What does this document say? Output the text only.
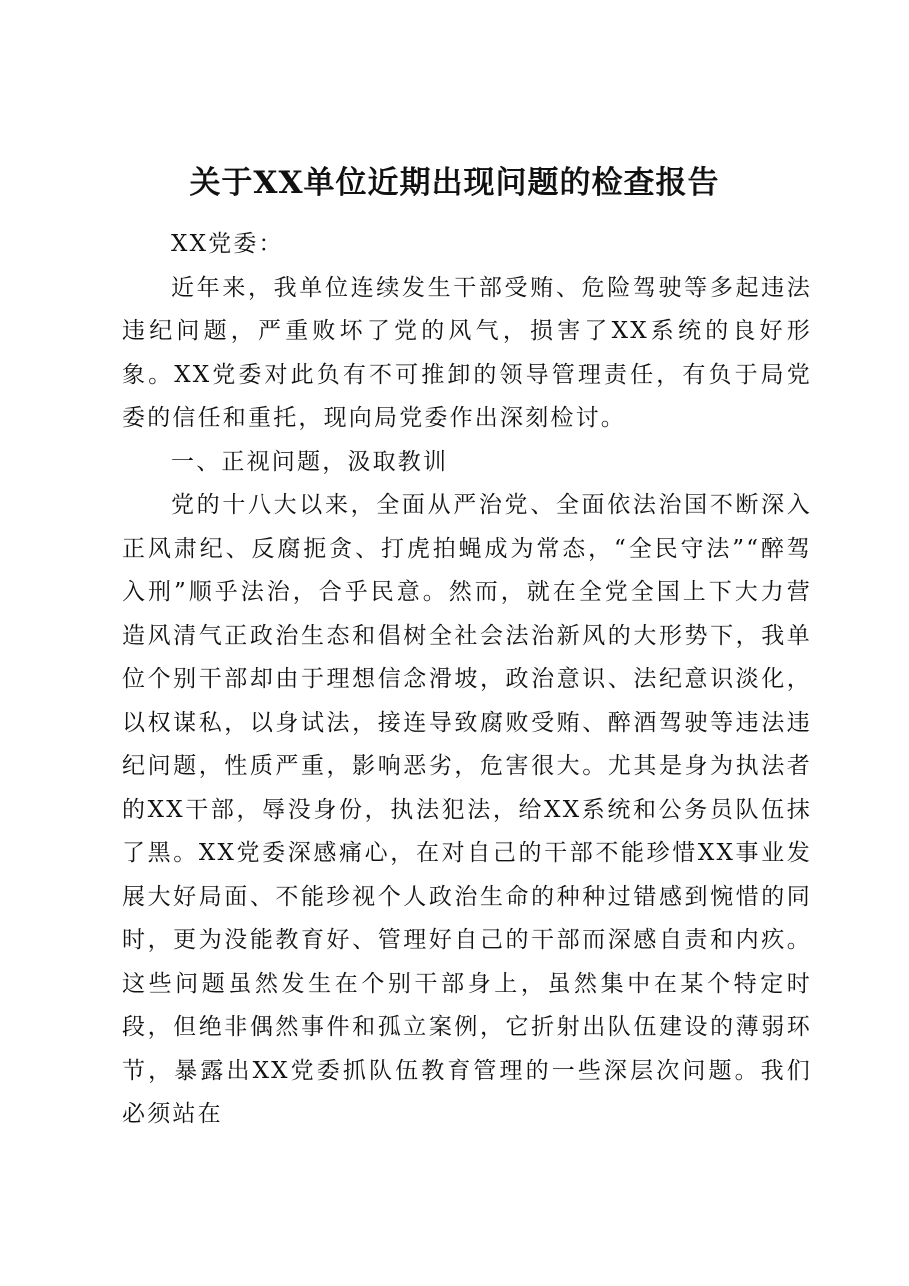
关于XX单位近期出现问题的检查报告

XX党委：

近年来，我单位连续发生干部受贿、危险驾驶等多起违法违纪问题，严重败坏了党的风气，损害了XX系统的良好形象。XX党委对此负有不可推卸的领导管理责任，有负于局党委的信任和重托，现向局党委作出深刻检讨。

一、正视问题，汲取教训

党的十八大以来，全面从严治党、全面依法治国不断深入正风肃纪、反腐扼贪、打虎拍蝇成为常态，“全民守法”“醉驾入刑”顺乎法治，合乎民意。然而，就在全党全国上下大力营造风清气正政治生态和倡树全社会法治新风的大形势下，我单位个别干部却由于理想信念滑坡，政治意识、法纪意识淡化，以权谋私，以身试法，接连导致腐败受贿、醉酒驾驶等违法违纪问题，性质严重，影响恶劣，危害很大。尤其是身为执法者的XX干部，辱没身份，执法犯法，给XX系统和公务员队伍抹了黑。XX党委深感痛心，在对自己的干部不能珍惜XX事业发展大好局面、不能珍视个人政治生命的种种过错感到惋惜的同时，更为没能教育好、管理好自己的干部而深感自责和内疚。这些问题虽然发生在个别干部身上，虽然集中在某个特定时段，但绝非偶然事件和孤立案例，它折射出队伍建设的薄弱环节，暴露出XX党委抓队伍教育管理的一些深层次问题。我们必须站在
